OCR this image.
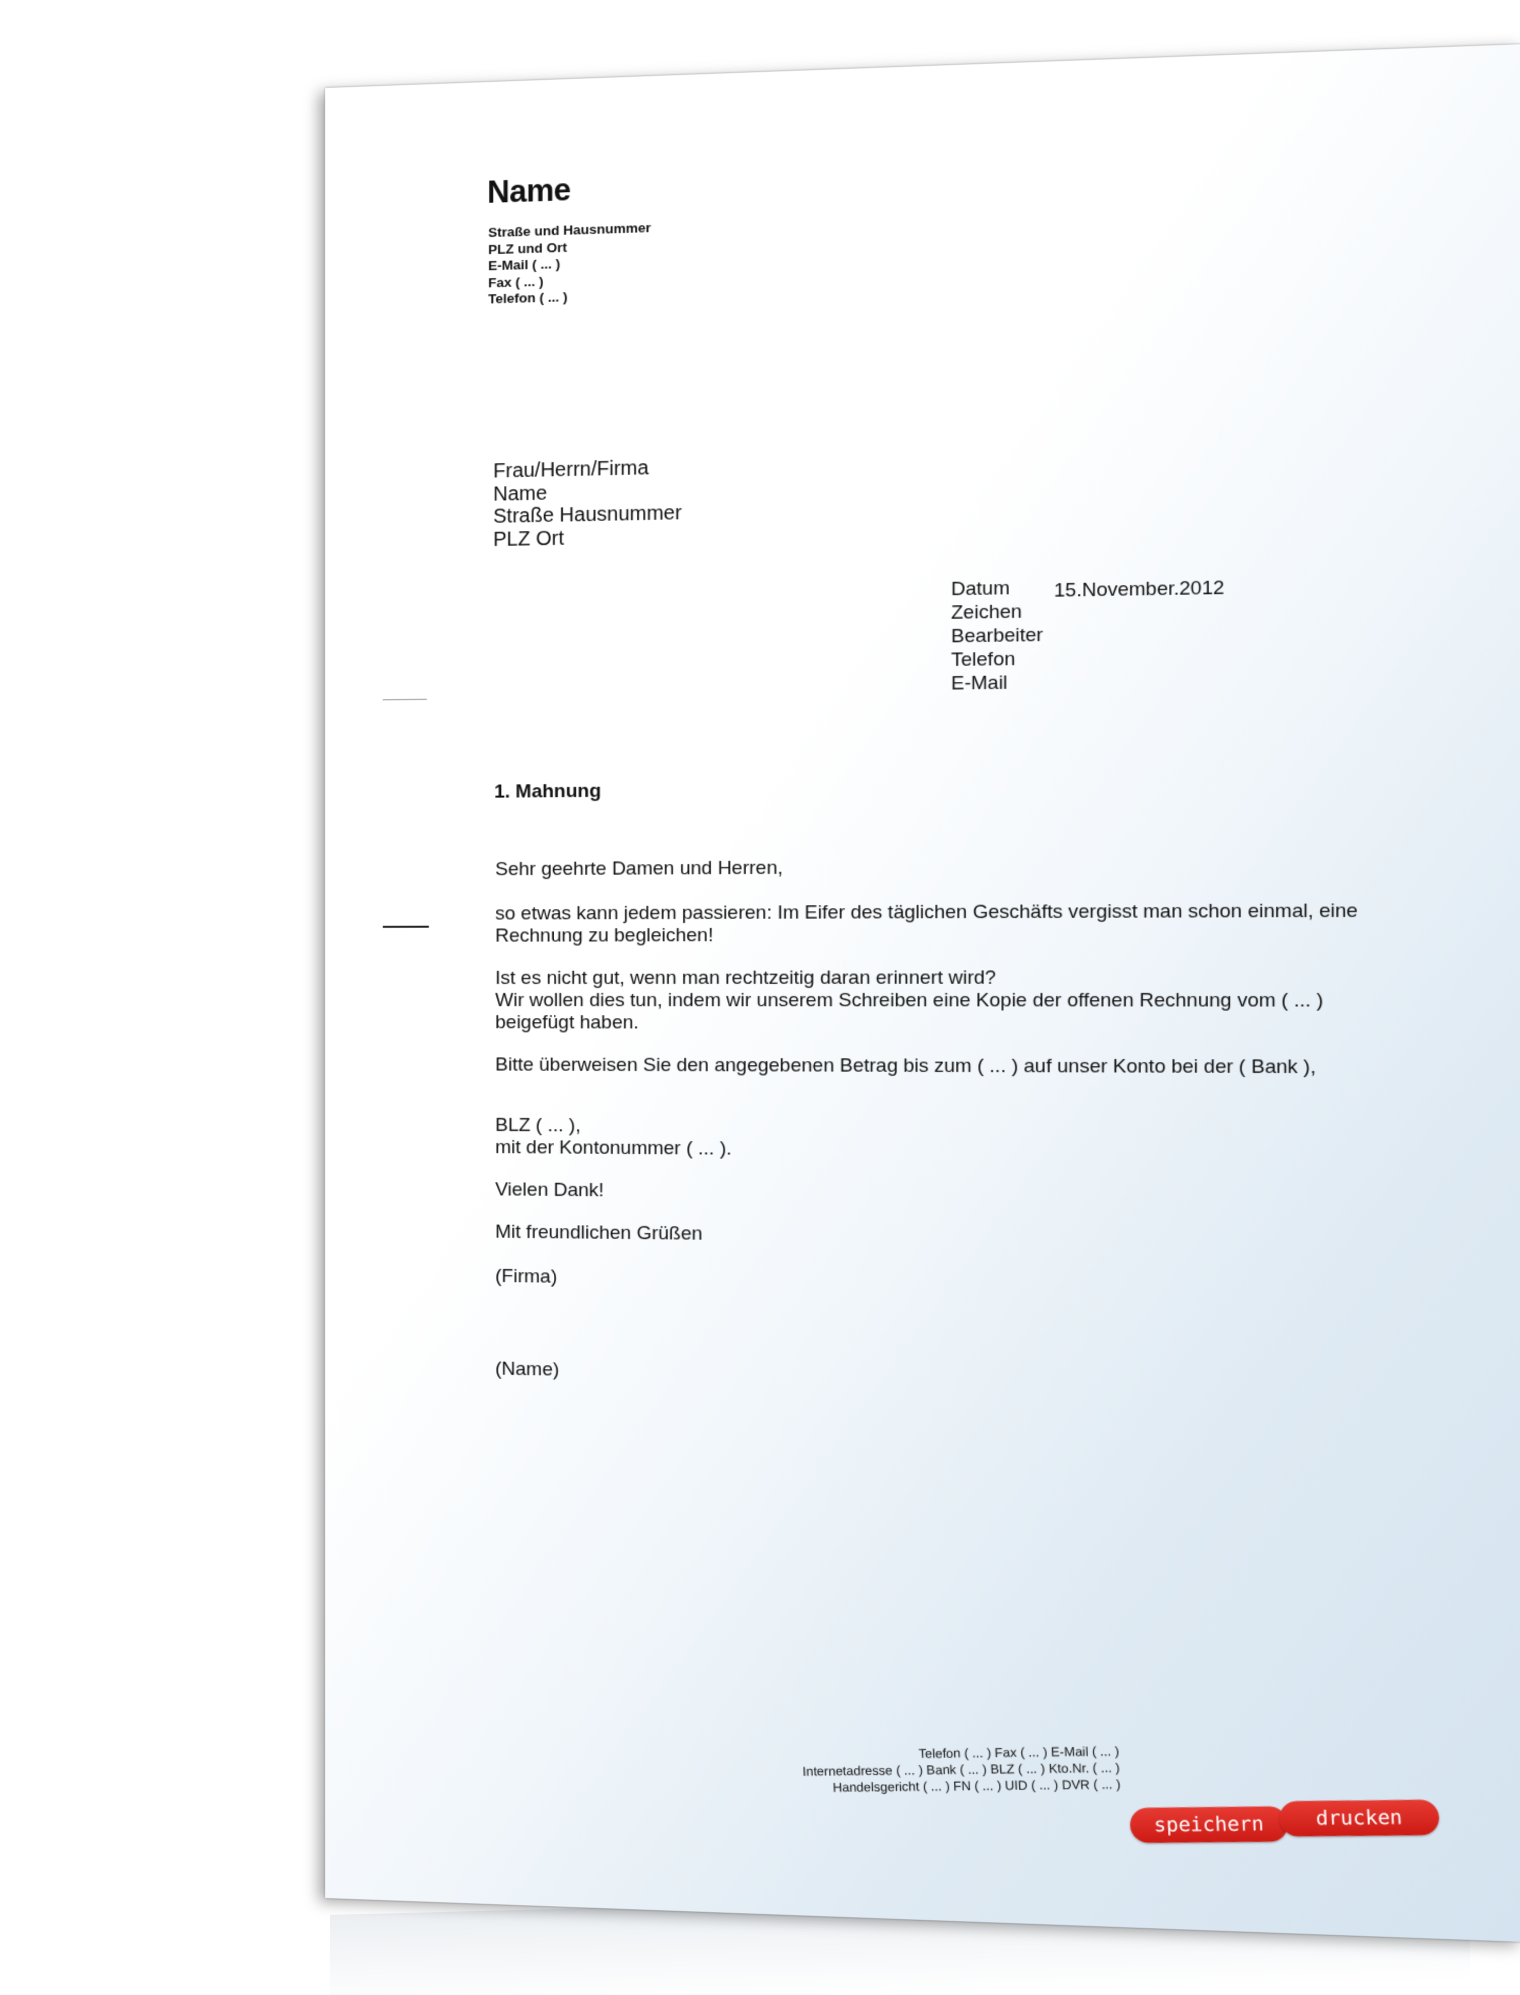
Name
Straße und Hausnummer
PLZ und Ort
E-Mail ( ... )
Fax ( ... )
Telefon ( ... )
Frau/Herrn/Firma
Name
Straße Hausnummer
PLZ Ort
Datum
Zeichen
Bearbeiter
Telefon
E-Mail
15.November.2012
1. Mahnung
Sehr geehrte Damen und Herren,
so etwas kann jedem passieren: Im Eifer des täglichen Geschäfts vergisst man schon einmal, eine
Rechnung zu begleichen!
Ist es nicht gut, wenn man rechtzeitig daran erinnert wird?
Wir wollen dies tun, indem wir unserem Schreiben eine Kopie der offenen Rechnung vom ( ... )
beigefügt haben.
Bitte überweisen Sie den angegebenen Betrag bis zum ( ... ) auf unser Konto bei der ( Bank ),
BLZ ( ... ),
mit der Kontonummer ( ... ).
Vielen Dank!
Mit freundlichen Grüßen
(Firma)
(Name)
Telefon ( ... ) Fax ( ... ) E-Mail ( ... )
Internetadresse ( ... ) Bank ( ... ) BLZ ( ... ) Kto.Nr. ( ... )
Handelsgericht ( ... ) FN ( ... ) UID ( ... ) DVR ( ... )
speichern	drucken
